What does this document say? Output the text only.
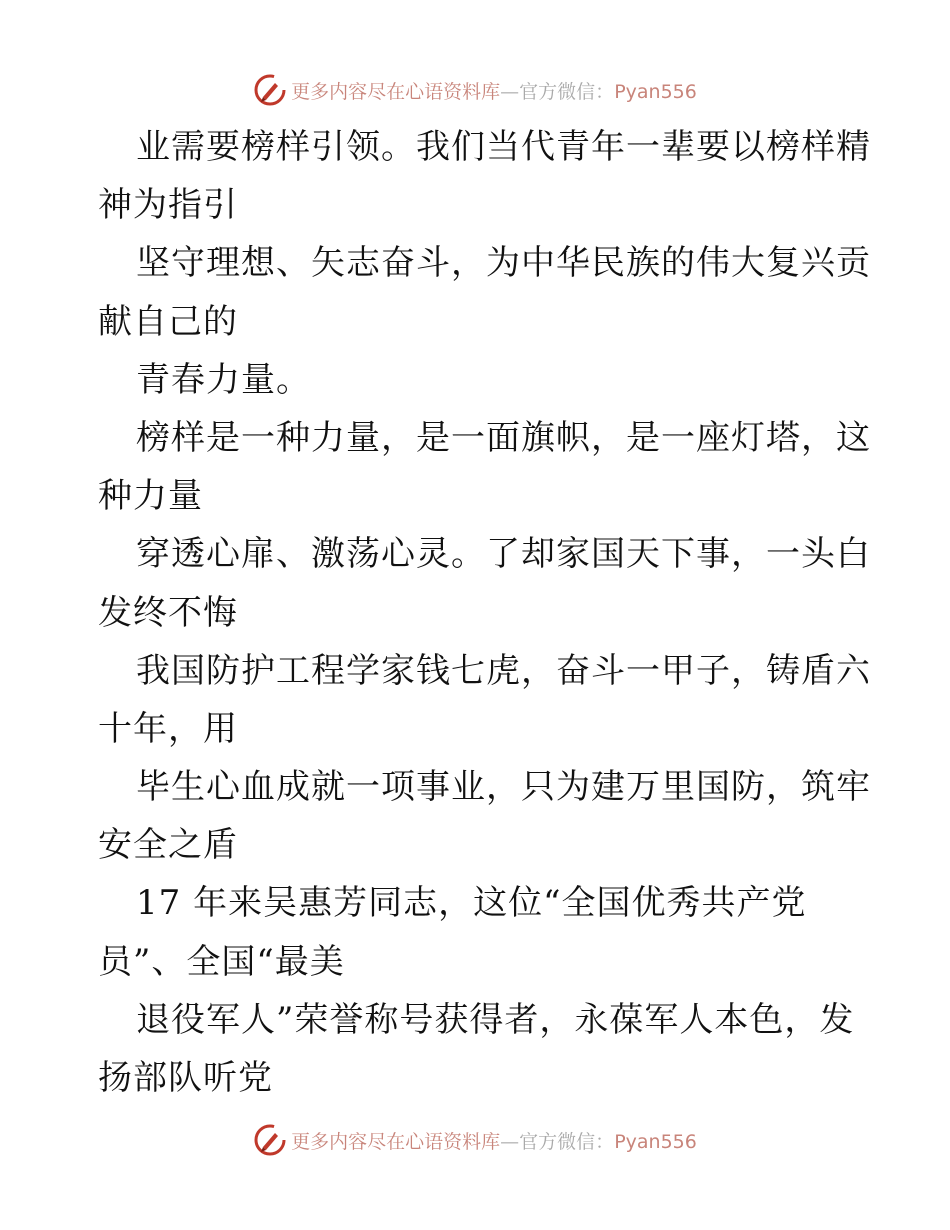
更多内容尽在心语资料库—官方微信：Pyan556
业需要榜样引领。我们当代青年一辈要以榜样精
神为指引
坚守理想、矢志奋斗，为中华民族的伟大复兴贡
献自己的
青春力量。
榜样是一种力量，是一面旗帜，是一座灯塔，这
种力量
穿透心扉、激荡心灵。了却家国天下事，一头白
发终不悔
我国防护工程学家钱七虎，奋斗一甲子，铸盾六
十年，用
毕生心血成就一项事业，只为建万里国防，筑牢
安全之盾
17 年来吴惠芳同志，这位“全国优秀共产党
员”、全国“最美
退役军人”荣誉称号获得者，永葆军人本色，发
扬部队听党
更多内容尽在心语资料库—官方微信：Pyan556
